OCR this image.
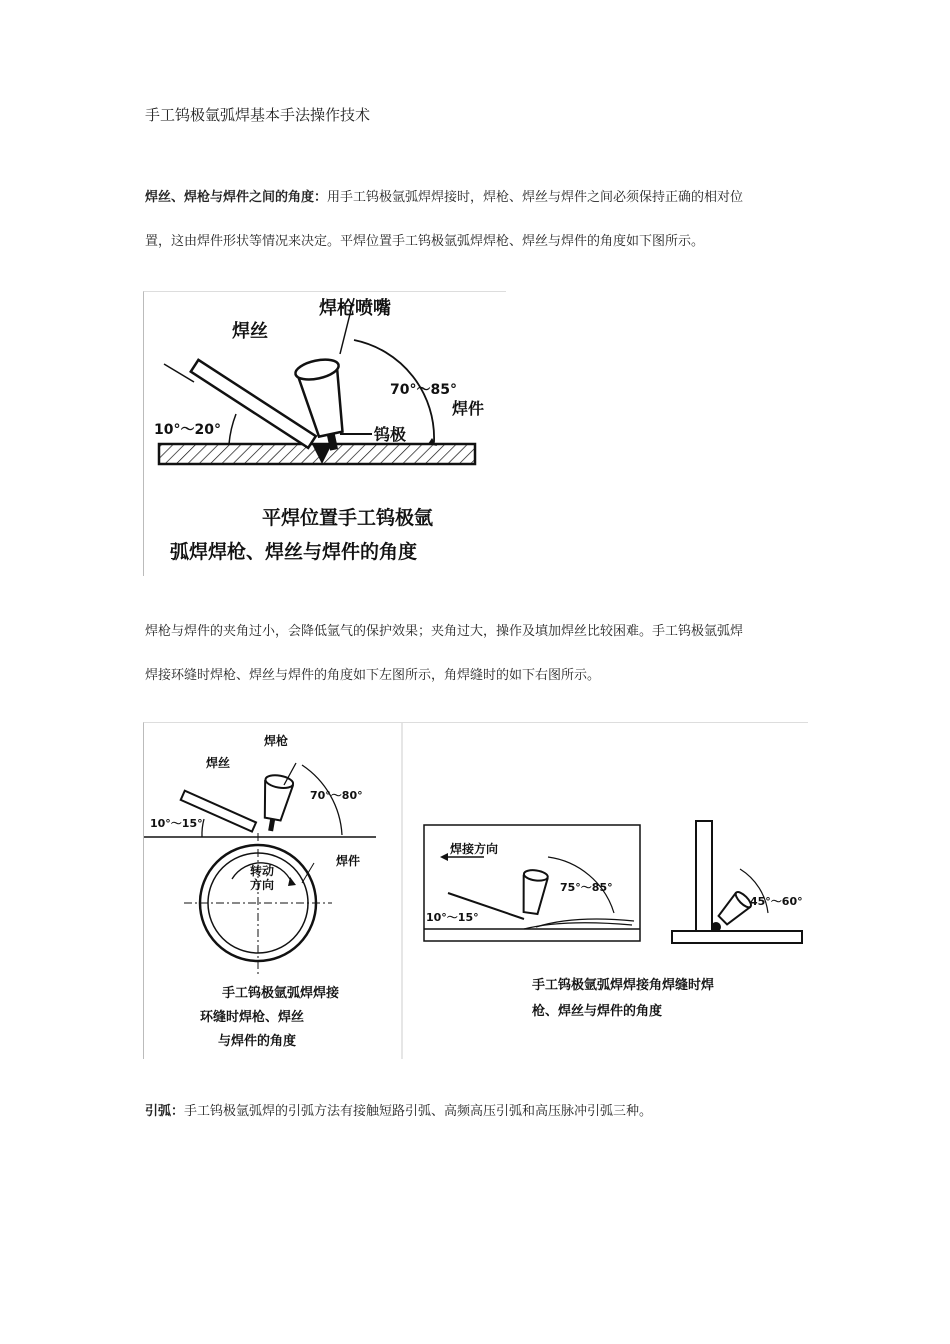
手工钨极氩弧焊基本手法操作技术
焊丝、焊枪与焊件之间的角度：用手工钨极氩弧焊焊接时，焊枪、焊丝与焊件之间必须保持正确的相对位
置，这由焊件形状等情况来决定。平焊位置手工钨极氩弧焊焊枪、焊丝与焊件的角度如下图所示。
焊丝
焊枪喷嘴
70°～85°
焊件
10°～20°	钨极
平焊位置手工钨极氩
弧焊焊枪、焊丝与焊件的角度
焊枪与焊件的夹角过小，会降低氩气的保护效果；夹角过大，操作及填加焊丝比较困难。手工钨极氩弧焊
焊接环缝时焊枪、焊丝与焊件的角度如下左图所示，角焊缝时的如下右图所示。
焊枪
焊丝
70°～80°
10°～15°
焊件
转动
方向
手工钨极氩弧焊焊接
环缝时焊枪、焊丝
与焊件的角度
焊接方向
75°～85°
10°～15°
45°～60°
手工钨极氩弧焊焊接角焊缝时焊
枪、焊丝与焊件的角度
引弧：手工钨极氩弧焊的引弧方法有接触短路引弧、高频高压引弧和高压脉冲引弧三种。
